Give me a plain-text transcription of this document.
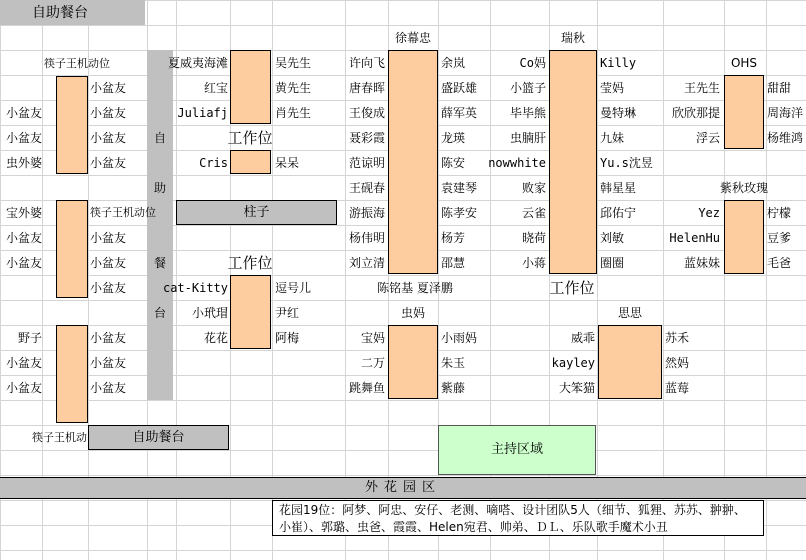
自助餐台
筷子王机动位
小盆友
小盆友
虫外婆
小盆友
小盆友
小盆友
小盆友
筷子王机动位
宝外婆
小盆友
小盆友
小盆友
小盆友
小盆友
野子
小盆友
小盆友
小盆友
小盆友
小盆友
筷子王机动	自助餐台
自
助
餐
台
夏威夷海滩
红宝
Juliafj
吴先生
黄先生
肖先生
工作位
Cris	呆呆
柱子
工作位
cat-Kitty
小玳瑁
花花
逗号儿
尹红
阿梅
徐幕忠
许向飞
唐春晖
王俊成
聂彩霞
范谅明
王砚春
游振海
杨伟明
刘立清
余岚
盛跃雄
薛军英
龙瑛
陈安
袁建琴
陈孝安
杨芳
邵慧
陈铭基 夏泽鹏
瑞秋
Co妈
小篮子
毕毕熊
虫腩肝
nowwhite
败家
云雀
晓荷
小蒋
Killy
莹妈
曼特琳
九妹
Yu.s沈昱
韩星星
邱佑宁
刘敏
圈圈
工作位
OHS
王先生
欣欣那提
浮云
甜甜
周海洋
杨维鸿
紫秋玫瑰
Yez
HelenHu
蓝妹妹
柠檬
豆爹
毛爸
虫妈
宝妈
二万
跳舞鱼
小雨妈
朱玉
紫藤
思思
威乖
kayley
大笨猫
苏禾
然妈
蓝莓
主持区域
外花园区
花园19位：阿梦、阿忠、安仔、老测、嘀嗒、设计团队5人（细节、狐狸、苏苏、翀翀、小崔）、郭璐、虫爸、霞霞、Helen宛君、帅弟、ＤＬ、乐队歌手魔术小丑
